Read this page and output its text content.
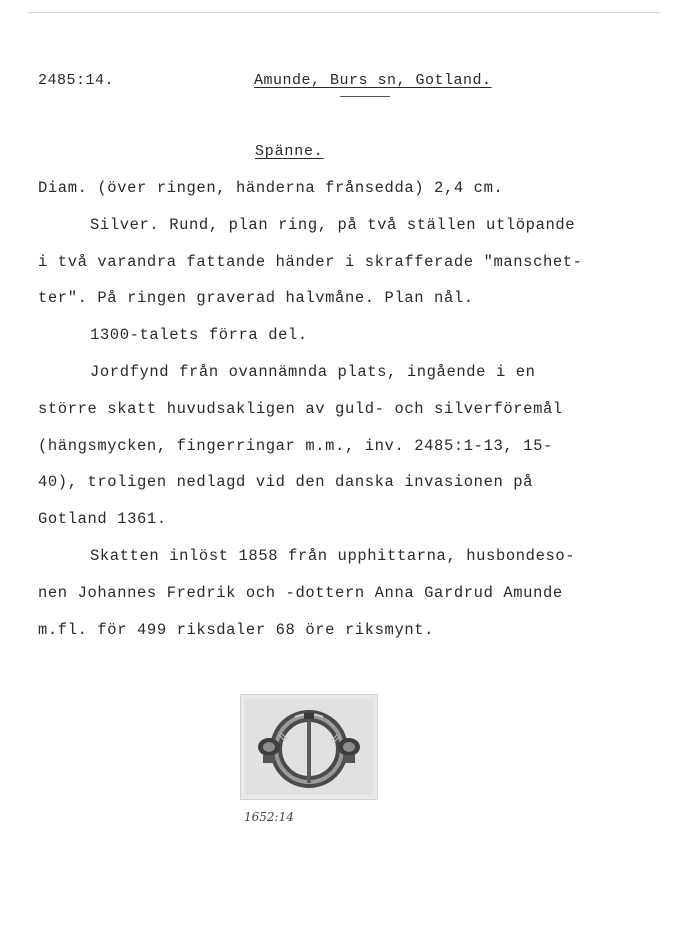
2485:14.	Amunde, Burs sn, Gotland.
Spänne.
Diam. (över ringen, händerna frånsedda) 2,4 cm.
Silver. Rund, plan ring, på två ställen utlöpande
i två varandra fattande händer i skrafferade "manschet-
ter". På ringen graverad halvmåne. Plan nål.
1300-talets förra del.
Jordfynd från ovannämnda plats, ingående i en
större skatt huvudsakligen av guld- och silverföremål
(hängsmycken, fingerringar m.m., inv. 2485:1-13, 15-
40), troligen nedlagd vid den danska invasionen på
Gotland 1361.
Skatten inlöst 1858 från upphittarna, husbondeso-
nen Johannes Fredrik och -dottern Anna Gardrud Amunde
m.fl. för 499 riksdaler 68 öre riksmynt.
1652:14
